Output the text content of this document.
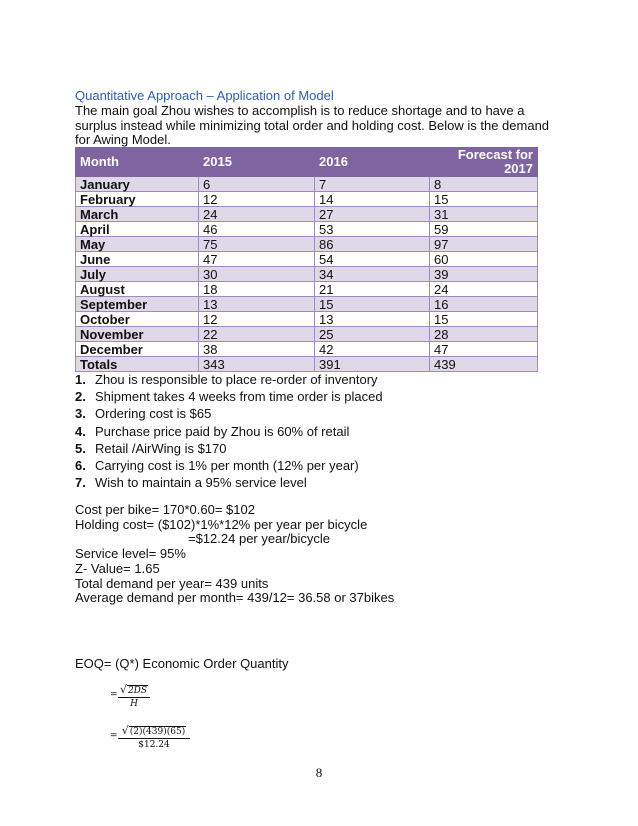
Quantitative Approach – Application of Model
The main goal Zhou wishes to accomplish is to reduce shortage and to have a surplus instead while minimizing total order and holding cost. Below is the demand for Awing Model.
Month	2015	2016	Forecast for 2017
January	6	7	8
February	12	14	15
March	24	27	31
April	46	53	59
May	75	86	97
June	47	54	60
July	30	34	39
August	18	21	24
September	13	15	16
October	12	13	15
November	22	25	28
December	38	42	47
Totals	343	391	439
1. Zhou is responsible to place re-order of inventory
2. Shipment takes 4 weeks from time order is placed
3. Ordering cost is $65
4. Purchase price paid by Zhou is 60% of retail
5. Retail /AirWing is $170
6. Carrying cost is 1% per month (12% per year)
7. Wish to maintain a 95% service level
Cost per bike= 170*0.60= $102
Holding cost= ($102)*1%*12% per year per bicycle
=$12.24 per year/bicycle
Service level= 95%
Z- Value= 1.65
Total demand per year= 439 units
Average demand per month= 439/12= 36.58 or 37bikes
EOQ= (Q*) Economic Order Quantity
= √2DS
H
= √(2)(439)(65)
$12.24
8
